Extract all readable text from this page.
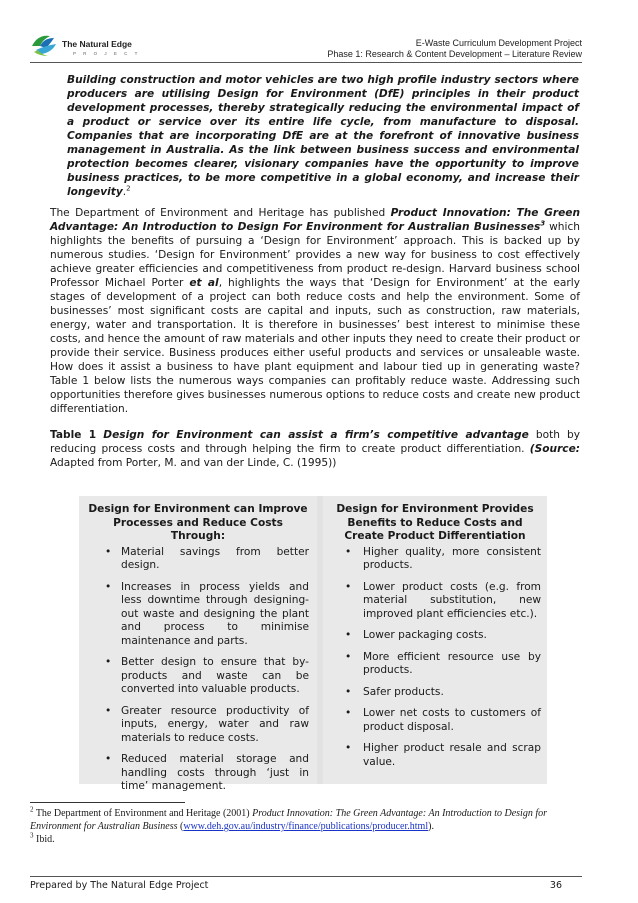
The Natural Edge
P R O J E C T
E-Waste Curriculum Development Project
Phase 1: Research & Content Development – Literature Review
Building construction and motor vehicles are two high profile industry sectors where producers are utilising Design for Environment (DfE) principles in their product development processes, thereby strategically reducing the environmental impact of a product or service over its entire life cycle, from manufacture to disposal. Companies that are incorporating DfE are at the forefront of innovative business management in Australia. As the link between business success and environmental protection becomes clearer, visionary companies have the opportunity to improve business practices, to be more competitive in a global economy, and increase their longevity.$^2$
The Department of Environment and Heritage has published Product Innovation: The Green Advantage: An Introduction to Design For Environment for Australian Businesses$^3$ which highlights the benefits of pursuing a ‘Design for Environment’ approach. This is backed up by numerous studies. ‘Design for Environment’ provides a new way for business to cost effectively achieve greater efficiencies and competitiveness from product re-design. Harvard business school Professor Michael Porter et al, highlights the ways that ‘Design for Environment’ at the early stages of development of a project can both reduce costs and help the environment. Some of businesses’ most significant costs are capital and inputs, such as construction, raw materials, energy, water and transportation. It is therefore in businesses’ best interest to minimise these costs, and hence the amount of raw materials and other inputs they need to create their product or provide their service. Business produces either useful products and services or unsaleable waste. How does it assist a business to have plant equipment and labour tied up in generating waste? Table 1 below lists the numerous ways companies can profitably reduce waste. Addressing such opportunities therefore gives businesses numerous options to reduce costs and create new product differentiation.
Table 1 Design for Environment can assist a firm’s competitive advantage both by reducing process costs and through helping the firm to create product differentiation. (Source: Adapted from Porter, M. and van der Linde, C. (1995))
Design for Environment can Improve Processes and Reduce Costs Through:
• Material savings from better design.
• Increases in process yields and less downtime through designing-out waste and designing the plant and process to minimise maintenance and parts.
• Better design to ensure that by-products and waste can be converted into valuable products.
• Greater resource productivity of inputs, energy, water and raw materials to reduce costs.
• Reduced material storage and handling costs through ‘just in time’ management.
Design for Environment Provides Benefits to Reduce Costs and Create Product Differentiation
• Higher quality, more consistent products.
• Lower product costs (e.g. from material substitution, new improved plant efficiencies etc.).
• Lower packaging costs.
• More efficient resource use by products.
• Safer products.
• Lower net costs to customers of product disposal.
• Higher product resale and scrap value.
$^2$ The Department of Environment and Heritage (2001) Product Innovation: The Green Advantage: An Introduction to Design for Environment for Australian Business (www.deh.gov.au/industry/finance/publications/producer.html).
$^3$ Ibid.
Prepared by The Natural Edge Project	36
